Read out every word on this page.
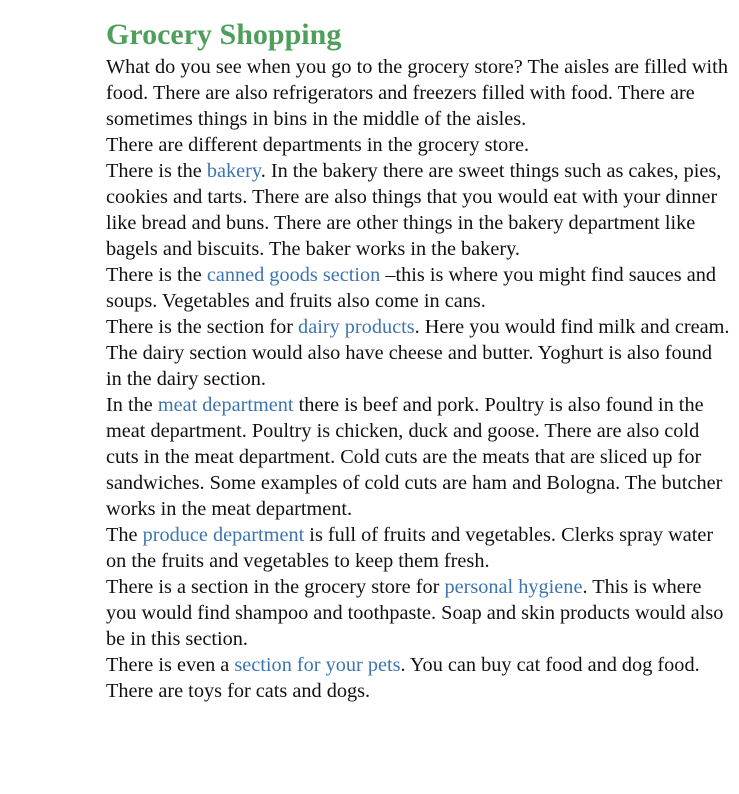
Grocery Shopping

What do you see when you go to the grocery store? The aisles are filled with food. There are also refrigerators and freezers filled with food. There are sometimes things in bins in the middle of the aisles.

There are different departments in the grocery store.

There is the bakery. In the bakery there are sweet things such as cakes, pies, cookies and tarts. There are also things that you would eat with your dinner like bread and buns. There are other things in the bakery department like bagels and biscuits. The baker works in the bakery.

There is the canned goods section –this is where you might find sauces and soups. Vegetables and fruits also come in cans.

There is the section for dairy products. Here you would find milk and cream. The dairy section would also have cheese and butter. Yoghurt is also found in the dairy section.

In the meat department there is beef and pork. Poultry is also found in the meat department. Poultry is chicken, duck and goose. There are also cold cuts in the meat department. Cold cuts are the meats that are sliced up for sandwiches. Some examples of cold cuts are ham and Bologna. The butcher works in the meat department.

The produce department is full of fruits and vegetables. Clerks spray water on the fruits and vegetables to keep them fresh.

There is a section in the grocery store for personal hygiene. This is where you would find shampoo and toothpaste. Soap and skin products would also be in this section.

There is even a section for your pets. You can buy cat food and dog food. There are toys for cats and dogs.
